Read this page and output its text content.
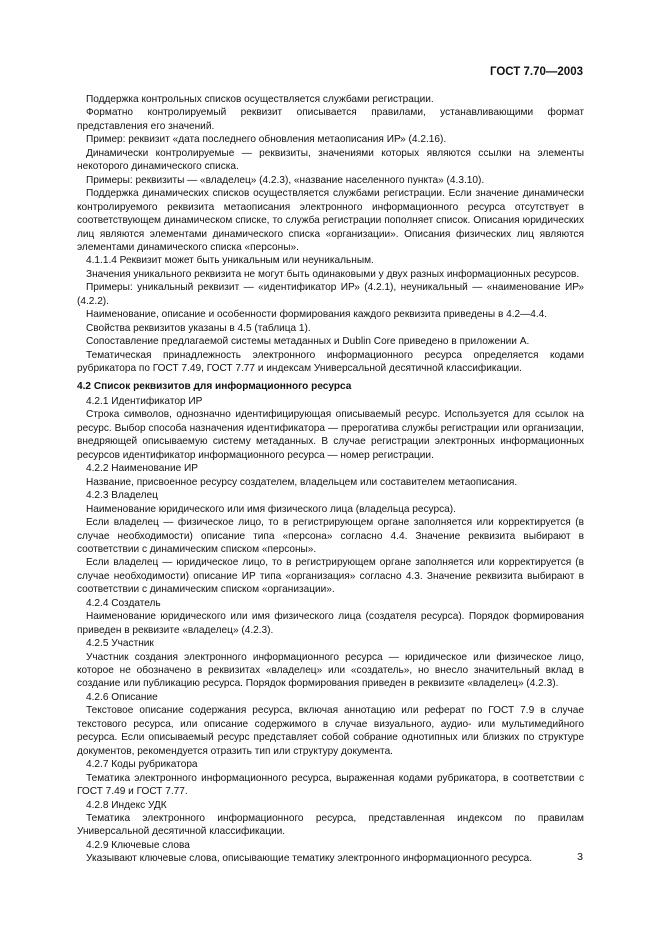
ГОСТ 7.70—2003

Поддержка контрольных списков осуществляется службами регистрации.

Форматно контролируемый реквизит описывается правилами, устанавливающими формат представления его значений.

Пример: реквизит «дата последнего обновления метаописания ИР» (4.2.16).

Динамически контролируемые — реквизиты, значениями которых являются ссылки на элементы некоторого динамического списка.

Примеры: реквизиты — «владелец» (4.2.3), «название населенного пункта» (4.3.10).

Поддержка динамических списков осуществляется службами регистрации. Если значение динамически контролируемого реквизита метаописания электронного информационного ресурса отсутствует в соответствующем динамическом списке, то служба регистрации пополняет список. Описания юридических лиц являются элементами динамического списка «организации». Описания физических лиц являются элементами динамического списка «персоны».

4.1.1.4 Реквизит может быть уникальным или неуникальным.

Значения уникального реквизита не могут быть одинаковыми у двух разных информационных ресурсов.

Примеры: уникальный реквизит — «идентификатор ИР» (4.2.1), неуникальный — «наименование ИР» (4.2.2).

Наименование, описание и особенности формирования каждого реквизита приведены в 4.2—4.4.

Свойства реквизитов указаны в 4.5 (таблица 1).

Сопоставление предлагаемой системы метаданных и Dublin Core приведено в приложении А.

Тематическая принадлежность электронного информационного ресурса определяется кодами рубрикатора по ГОСТ 7.49, ГОСТ 7.77 и индексам Универсальной десятичной классификации.

4.2 Список реквизитов для информационного ресурса

4.2.1 Идентификатор ИР

Строка символов, однозначно идентифицирующая описываемый ресурс. Используется для ссылок на ресурс. Выбор способа назначения идентификатора — прерогатива службы регистрации или организации, внедряющей описываемую систему метаданных. В случае регистрации электронных информационных ресурсов идентификатор информационного ресурса — номер регистрации.

4.2.2 Наименование ИР

Название, присвоенное ресурсу создателем, владельцем или составителем метаописания.

4.2.3 Владелец

Наименование юридического или имя физического лица (владельца ресурса).

Если владелец — физическое лицо, то в регистрирующем органе заполняется или корректируется (в случае необходимости) описание типа «персона» согласно 4.4. Значение реквизита выбирают в соответствии с динамическим списком «персоны».

Если владелец — юридическое лицо, то в регистрирующем органе заполняется или корректируется (в случае необходимости) описание ИР типа «организация» согласно 4.3. Значение реквизита выбирают в соответствии с динамическим списком «организации».

4.2.4 Создатель

Наименование юридического или имя физического лица (создателя ресурса). Порядок формирования приведен в реквизите «владелец» (4.2.3).

4.2.5 Участник

Участник создания электронного информационного ресурса — юридическое или физическое лицо, которое не обозначено в реквизитах «владелец» или «создатель», но внесло значительный вклад в создание или публикацию ресурса. Порядок формирования приведен в реквизите «владелец» (4.2.3).

4.2.6 Описание

Текстовое описание содержания ресурса, включая аннотацию или реферат по ГОСТ 7.9 в случае текстового ресурса, или описание содержимого в случае визуального, аудио- или мультимедийного ресурса. Если описываемый ресурс представляет собой собрание однотипных или близких по структуре документов, рекомендуется отразить тип или структуру документа.

4.2.7 Коды рубрикатора

Тематика электронного информационного ресурса, выраженная кодами рубрикатора, в соответствии с ГОСТ 7.49 и ГОСТ 7.77.

4.2.8 Индекс УДК

Тематика электронного информационного ресурса, представленная индексом по правилам Универсальной десятичной классификации.

4.2.9 Ключевые слова

Указывают ключевые слова, описывающие тематику электронного информационного ресурса.	3
